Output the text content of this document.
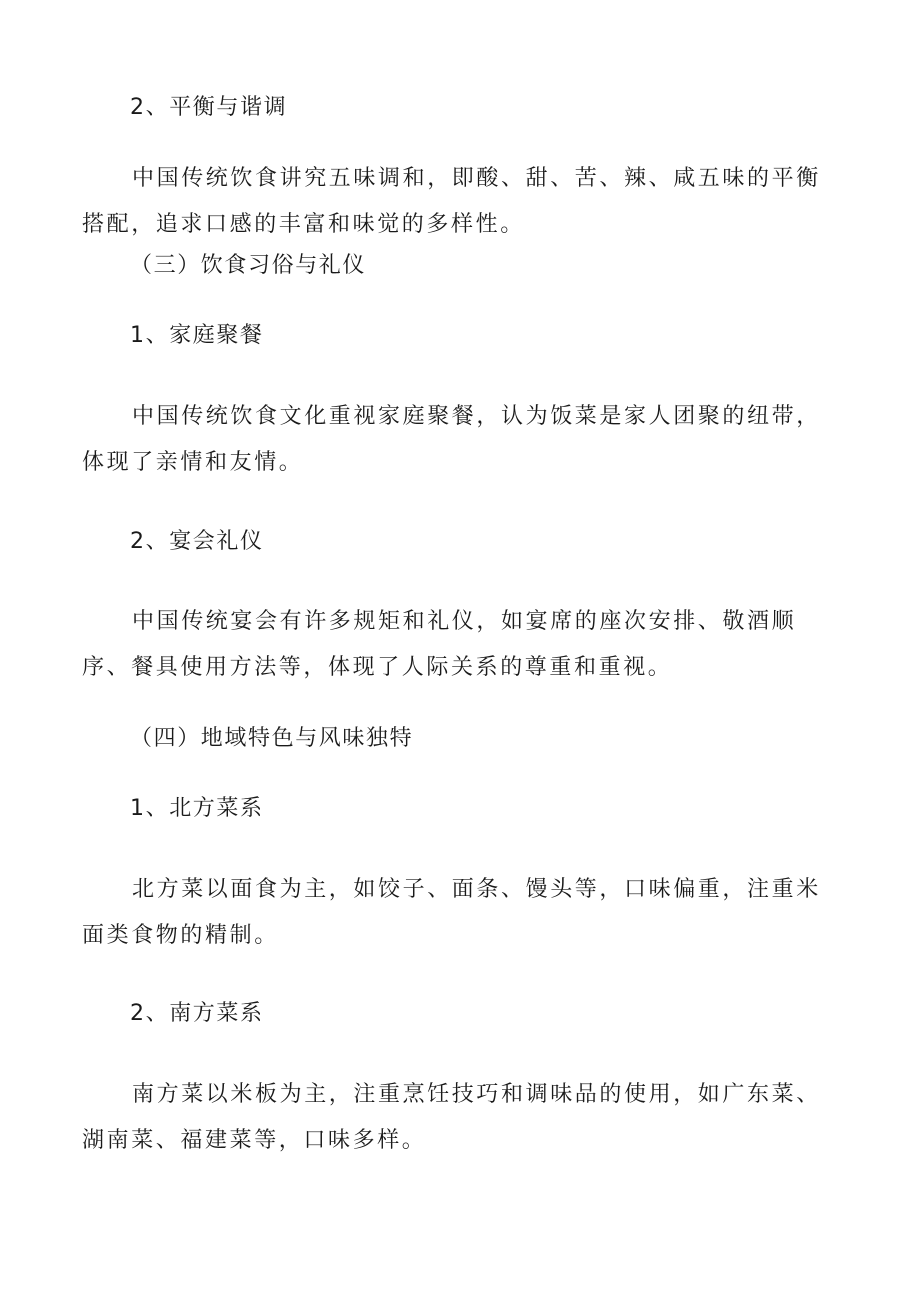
2、平衡与谐调
中国传统饮食讲究五味调和，即酸、甜、苦、辣、咸五味的平衡搭配，追求口感的丰富和味觉的多样性。
（三）饮食习俗与礼仪
1、家庭聚餐
中国传统饮食文化重视家庭聚餐，认为饭菜是家人团聚的纽带，体现了亲情和友情。
2、宴会礼仪
中国传统宴会有许多规矩和礼仪，如宴席的座次安排、敬酒顺序、餐具使用方法等，体现了人际关系的尊重和重视。
（四）地域特色与风味独特
1、北方菜系
北方菜以面食为主，如饺子、面条、馒头等，口味偏重，注重米面类食物的精制。
2、南方菜系
南方菜以米板为主，注重烹饪技巧和调味品的使用，如广东菜、湖南菜、福建菜等，口味多样。
